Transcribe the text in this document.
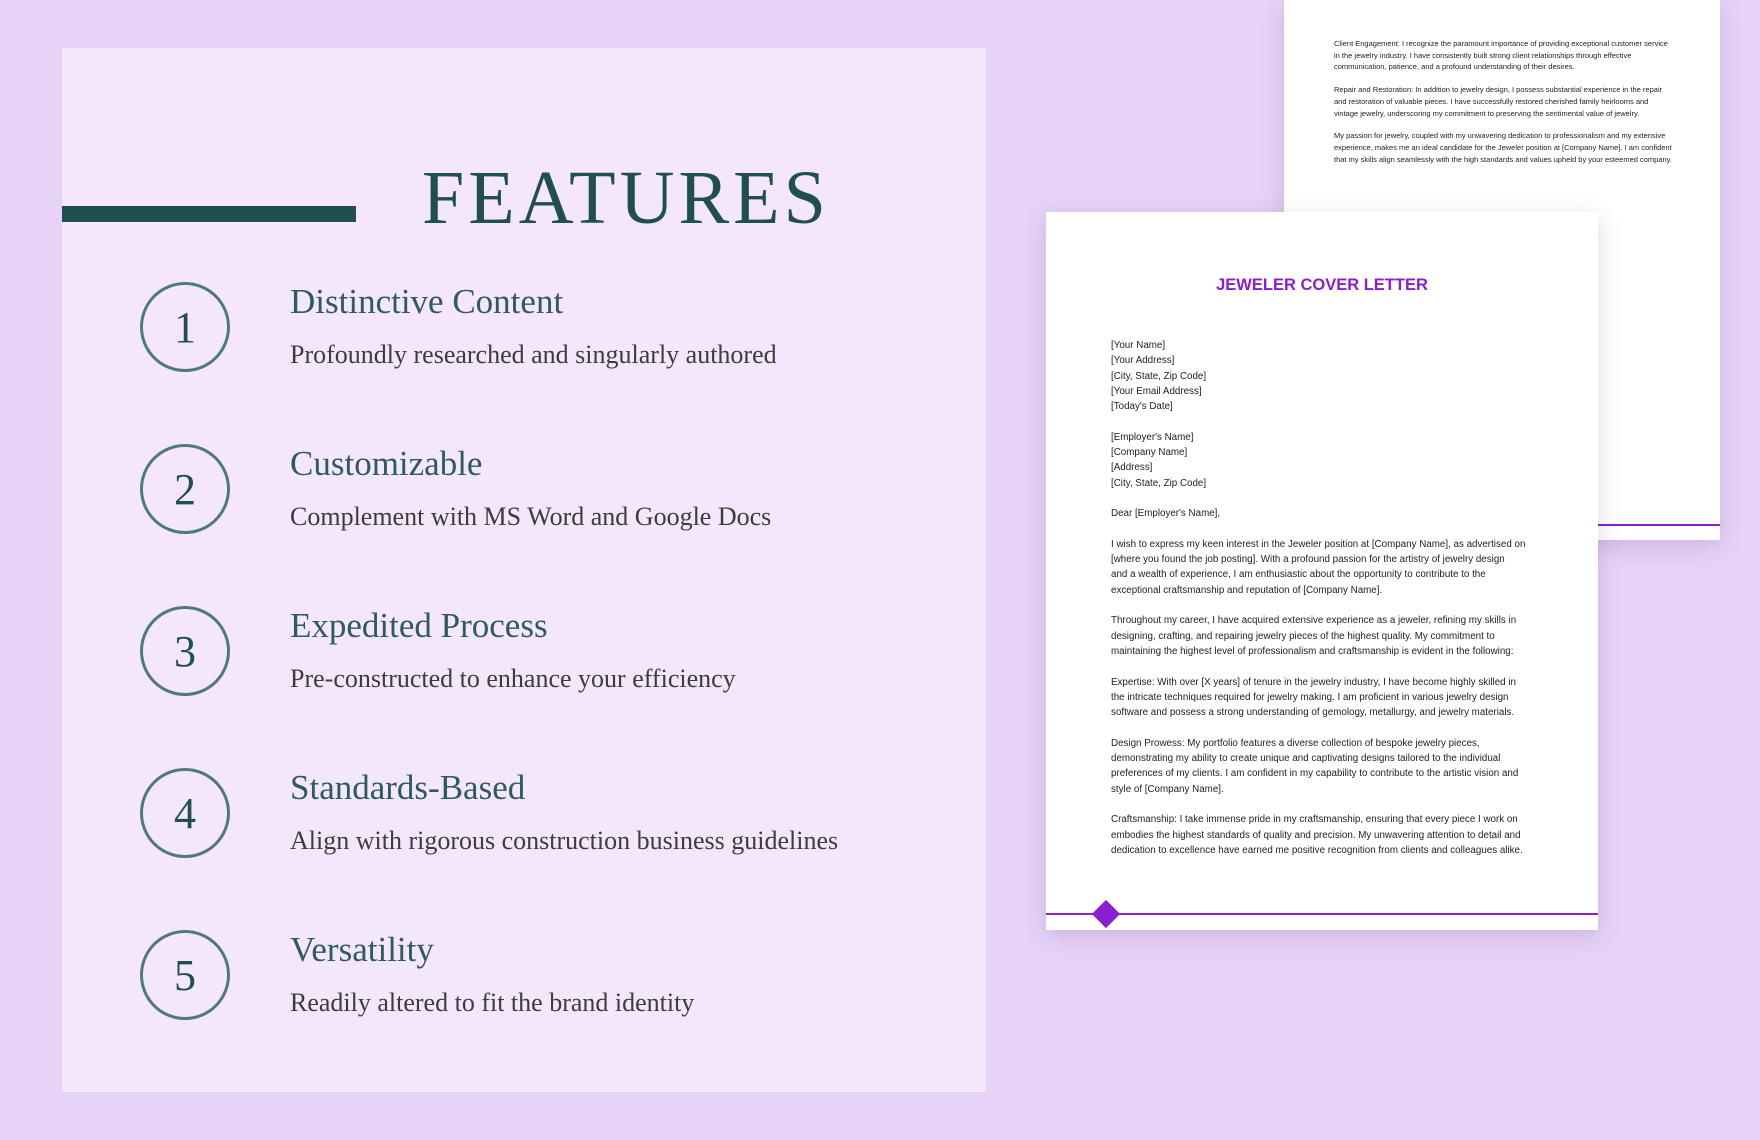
FEATURES
1
Distinctive Content
Profoundly researched and singularly authored
2
Customizable
Complement with MS Word and Google Docs
3
Expedited Process
Pre-constructed to enhance your efficiency
4
Standards-Based
Align with rigorous construction business guidelines
5
Versatility
Readily altered to fit the brand identity

Client Engagement: I recognize the paramount importance of providing exceptional customer service in the jewelry industry. I have consistently built strong client relationships through effective communication, patience, and a profound understanding of their desires.

Repair and Restoration: In addition to jewelry design, I possess substantial experience in the repair and restoration of valuable pieces. I have successfully restored cherished family heirlooms and vintage jewelry, underscoring my commitment to preserving the sentimental value of jewelry.

My passion for jewelry, coupled with my unwavering dedication to professionalism and my extensive experience, makes me an ideal candidate for the Jeweler position at [Company Name]. I am confident that my skills align seamlessly with the high standards and values upheld by your esteemed company.

JEWELER COVER LETTER

[Your Name]
[Your Address]
[City, State, Zip Code]
[Your Email Address]
[Today's Date]

[Employer's Name]
[Company Name]
[Address]
[City, State, Zip Code]

Dear [Employer's Name],

I wish to express my keen interest in the Jeweler position at [Company Name], as advertised on
[where you found the job posting]. With a profound passion for the artistry of jewelry design
and a wealth of experience, I am enthusiastic about the opportunity to contribute to the
exceptional craftsmanship and reputation of [Company Name].

Throughout my career, I have acquired extensive experience as a jeweler, refining my skills in
designing, crafting, and repairing jewelry pieces of the highest quality. My commitment to
maintaining the highest level of professionalism and craftsmanship is evident in the following:

Expertise: With over [X years] of tenure in the jewelry industry, I have become highly skilled in
the intricate techniques required for jewelry making. I am proficient in various jewelry design
software and possess a strong understanding of gemology, metallurgy, and jewelry materials.

Design Prowess: My portfolio features a diverse collection of bespoke jewelry pieces,
demonstrating my ability to create unique and captivating designs tailored to the individual
preferences of my clients. I am confident in my capability to contribute to the artistic vision and
style of [Company Name].

Craftsmanship: I take immense pride in my craftsmanship, ensuring that every piece I work on
embodies the highest standards of quality and precision. My unwavering attention to detail and
dedication to excellence have earned me positive recognition from clients and colleagues alike.
